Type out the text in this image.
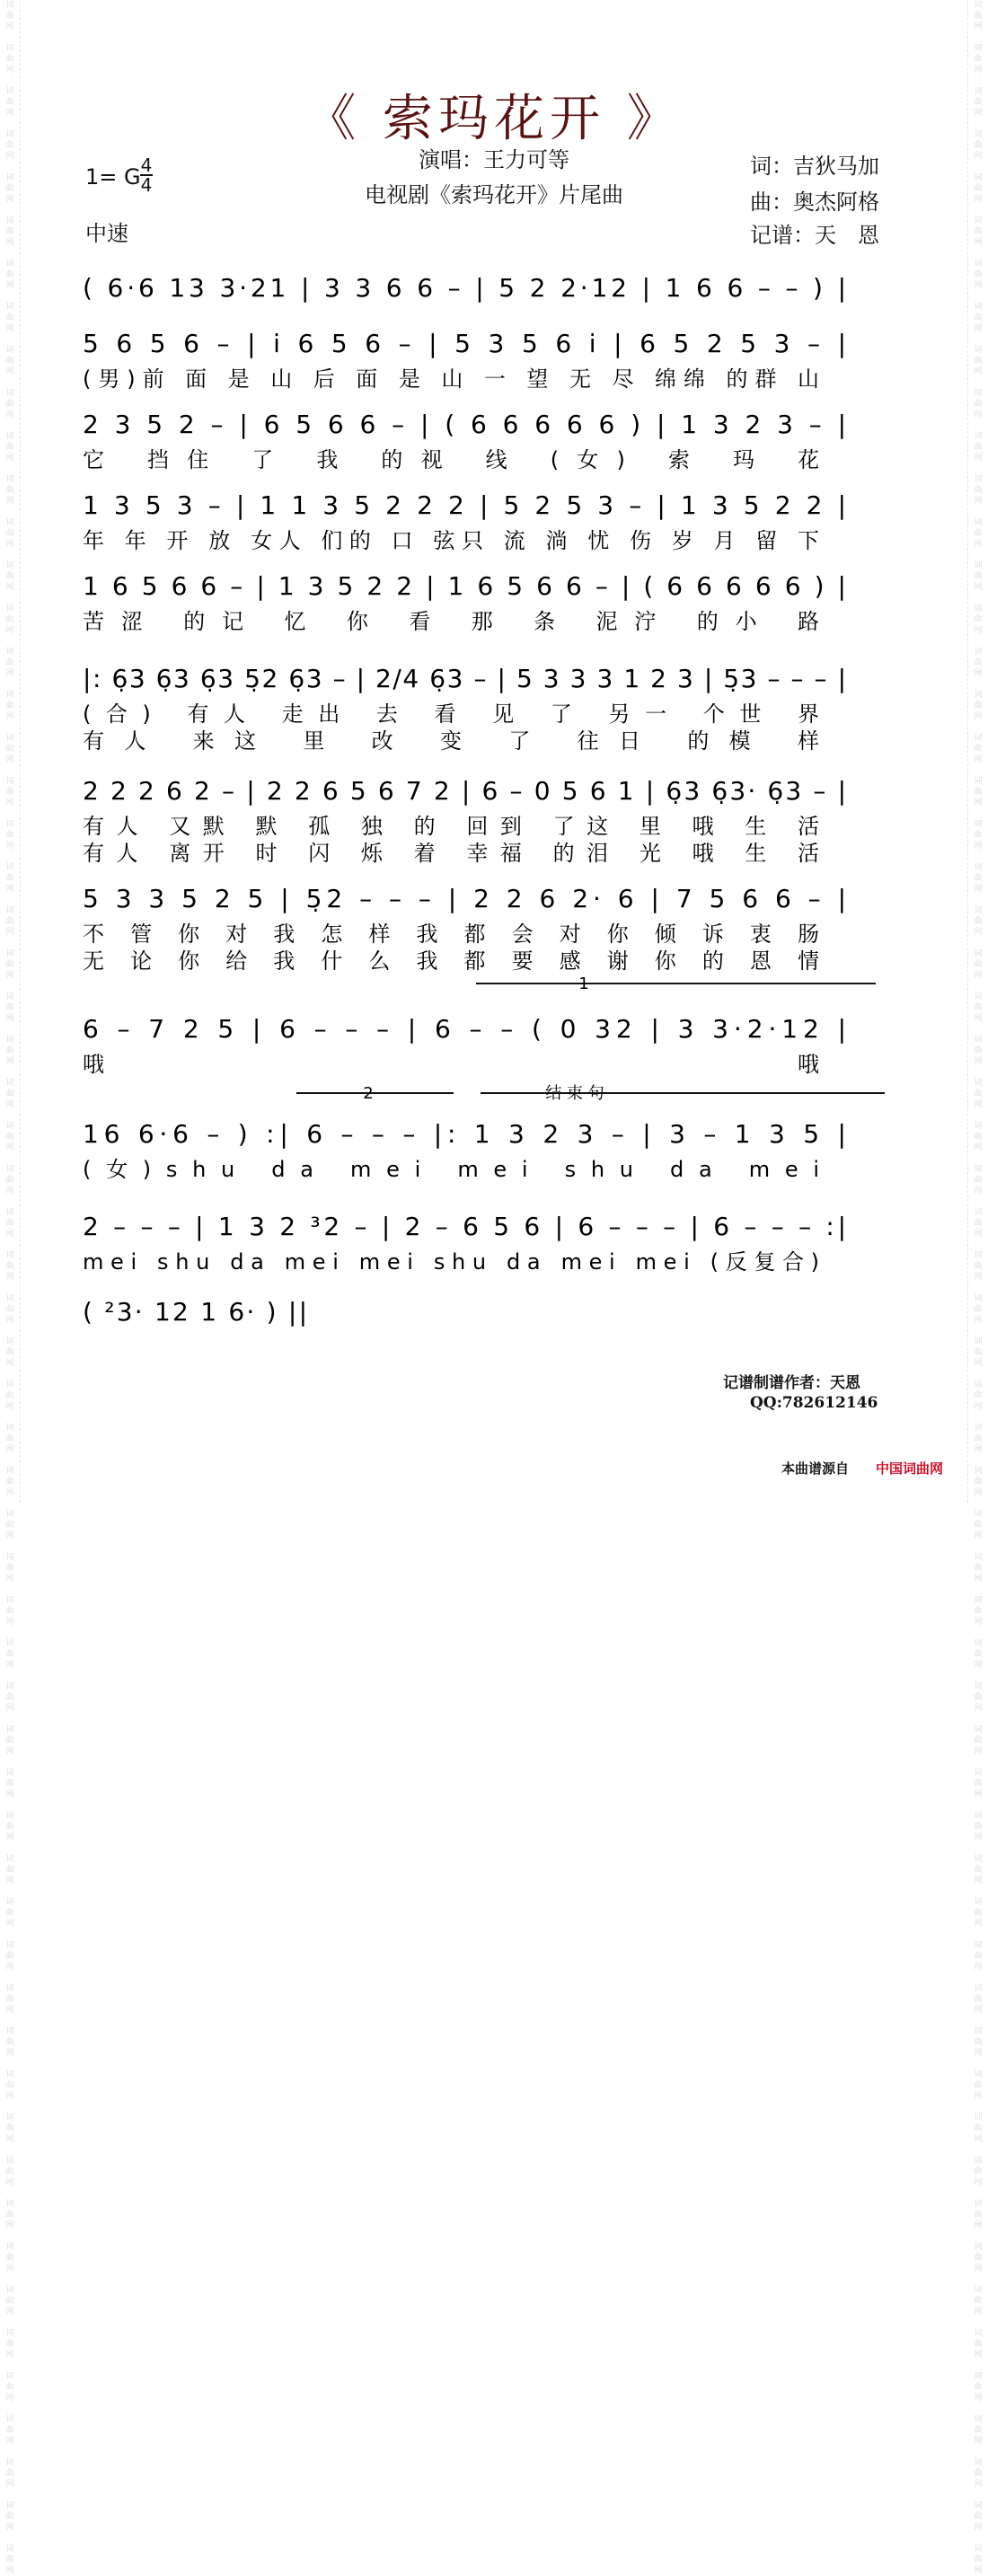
词
曲
网

词
曲
网

词
曲
网

词
曲
网

词
曲
网

词
曲
网

词
曲
网

词
曲
网

词
曲
网

词
曲
网

词
曲
网

词
曲
网

词
曲
网

词
曲
网

词
曲
网

词
曲
网

词
曲
网

词
曲
网

词
曲
网

词
曲
网

词
曲
网

词
曲
网

词
曲
网

词
曲
网

词
曲
网

词
曲
网

词
曲
网

词
曲
网

词
曲
网

词
曲
网

词
曲
网

词
曲
网

词
曲
网

词
曲
网

词
曲
网

词
曲
网

词
曲
网

词
曲
网

词
曲
网

词
曲
网

词
曲
网

词
曲
网

词
曲
网

词
曲
网

词
曲
网

词
曲
网

词
曲
网

词
曲
网

词
曲
网

词
曲
网

词
曲
网

词
曲
网

词
曲
网

词
曲
网

词
曲
网

词
曲
网

词
曲
网

词
曲
网

词
曲
网

词
曲
网

词
曲
网

词
曲
网

词
曲
网

词
曲
网

词
曲
网

词
曲
网

词
曲
网

词
曲
网

词
曲
网

词
曲
网

词
曲
网

词
曲
网

词
曲
网

词
曲
网

词
曲
网

词
曲
网

词
曲
网

词
曲
网

词
曲
网

词
曲
网

词
曲
网

词
曲
网

词
曲
网

词
曲
网

词
曲
网

词
曲
网

词
曲
网

词
曲
网

词
曲
网

词
曲
网

词
曲
网

词
曲
网

词
曲
网

词
曲
网

词
曲
网

词
曲
网

词
曲
网

词
曲
网

词
曲
网

词
曲
网

词
曲
网

词
曲
网

词
曲
网

词
曲
网

词
曲
网

词
曲
网

词
曲
网

词
曲
网

词
曲
网

词
曲
网

词
曲
网

词
曲
网

词
曲
网

词
曲
网

词
曲
网

词
曲
网

词
曲
网

词
曲
网

词
曲
网

词
曲
网

《 索玛花开 》
演唱：王力可等
电视剧《索玛花开》片尾曲
1= G 4
4
中速
词：吉狄马加
曲：奥杰阿格
记谱：天　恩
( 6·6 13 3·21 | 3 3 6 6 – | 5 2 2·12 | 1 6 6 – – ) |
5 6 5 6 – | i 6 5 6 – | 5 3 5 6 i | 6 5 2 5 3 – |
(男)前 面 是 山 后 面 是 山 一 望 无 尽 绵绵 的群 山
2 3 5 2 – | 6 5 6 6 – | ( 6 6 6 6 6 ) | 1 3 2 3 – |
它 挡住 了 我 的视 线 (女) 索 玛 花
1 3 5 3 – | 1 1 3 5 2 2 2 | 5 2 5 3 – | 1 3 5 2 2 |
年 年 开 放 女人 们的 口 弦只 流 淌 忧 伤 岁 月 留 下
1 6 5 6 6 – | 1 3 5 2 2 | 1 6 5 6 6 – | ( 6 6 6 6 6 ) |
苦涩 的记 忆 你 看 那 条 泥泞 的小 路
|: 6̣3 6̣3 6̣3 5̣2 6̣3 – | 2/4 6̣3 – | 5 3 3 3 1 2 3 | 5̣3 – – – |
(合) 有人 走出 去 看 见 了 另一 个世 界
有人 来这 里 改 变 了 往日 的模 样
2 2 2 6 2 – | 2 2 6 5 6 7 2 | 6 – 0 5 6 1 | 6̣3 6̣3· 6̣3 – |
有人 又默 默 孤 独 的 回到 了这 里 哦 生 活
有人 离开 时 闪 烁 着 幸福 的泪 光 哦 生 活
5 3 3 5 2 5 | 5̣2 – – – | 2 2 6 2· 6 | 7 5 6 6 – |
不 管 你 对 我 怎 样 我 都 会 对 你 倾 诉 衷 肠
无 论 你 给 我 什 么 我 都 要 感 谢 你 的 恩 情
6 – 7 2 5 | 6 – – – | 6 – – ( 0 32 | 3 3·2·12 |
哦 哦
1
16 6·6 – ) :| 6 – – – |: 1 3 2 3 – | 3 – 1 3 5 |
(女)shu da mei mei shu da mei
2	结 束 句
2 – – – | 1 3 2 ³2 – | 2 – 6 5 6 | 6 – – – | 6 – – – :|
mei shu da mei mei shu da mei mei (反复合)
( ²3· 12 1 6· ) ||
记谱制谱作者：天恩
QQ:782612146
本曲谱源自 中国词曲网
